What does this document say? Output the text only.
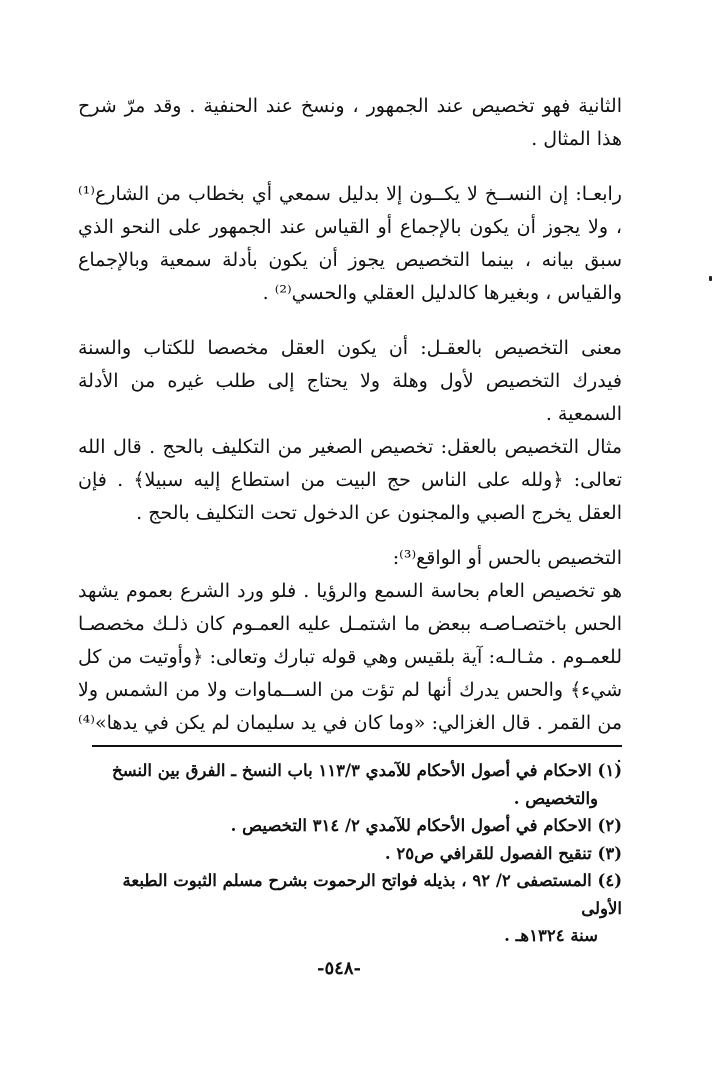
الثانية فهو تخصيص عند الجمهور ، ونسخ عند الحنفية . وقد مرّ شرح هذا المثال .

رابعـا: إن النســخ لا يكــون إلا بدليل سمعي أي بخطاب من الشارع⁽¹⁾ ، ولا يجوز أن يكون بالإجماع أو القياس عند الجمهور على النحو الذي سبق بيانه ، بينما التخصيص يجوز أن يكون بأدلة سمعية وبالإجماع والقياس ، وبغيرها كالدليل العقلي والحسي⁽²⁾ .

معنى التخصيص بالعقـل: أن يكون العقل مخصصا للكتاب والسنة فيدرك التخصيص لأول وهلة ولا يحتاج إلى طلب غيره من الأدلة السمعية .

مثال التخصيص بالعقل: تخصيص الصغير من التكليف بالحج . قال الله تعالى: ﴿ولله على الناس حج البيت من استطاع إليه سبيلا﴾ . فإن العقل يخرج الصبي والمجنون عن الدخول تحت التكليف بالحج .

التخصيص بالحس أو الواقع⁽³⁾:

هو تخصيص العام بحاسة السمع والرؤيا . فلو ورد الشرع بعموم يشهد الحس باختصـاصـه ببعض ما اشتمـل عليه العمـوم كان ذلـك مخصصـا للعمـوم . مثـالـه: آية بلقيس وهي قوله تبارك وتعالى: ﴿وأوتيت من كل شيء﴾ والحس يدرك أنها لم تؤت من الســماوات ولا من الشمس ولا من القمر . قال الغزالي: «وما كان في يد سليمان لم يكن في يدها»⁽⁴⁾ .

(١) الاحكام في أصول الأحكام للآمدي ١١٣/٣ باب النسخ ـ الفرق بين النسخ

والتخصيص .

(٢) الاحكام في أصول الأحكام للآمدي ٢/ ٣١٤ التخصيص .

(٣) تنقيح الفصول للقرافي ص٢٥ .

(٤) المستصفى ٢/ ٩٢ ، بذيله فواتح الرحموت بشرح مسلم الثبوت الطبعة الأولى

سنة ١٣٢٤هـ .

-٥٤٨-
